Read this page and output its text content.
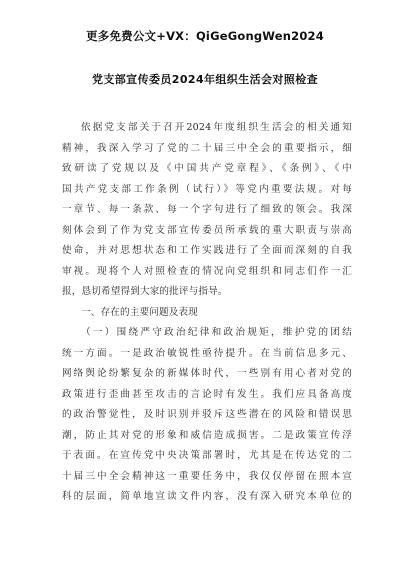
更多免费公文+VX：QiGeGongWen2024
党支部宣传委员2024年组织生活会对照检查
依据党支部关于召开2024年度组织生活会的相关通知
精神，我深入学习了党的二十届三中全会的重要指示，细
致研读了党规以及《中国共产党章程》、《条例》、《中
国共产党支部工作条例（试行）》等党内重要法规。对每
一章节、每一条款、每一个字句进行了细致的领会。我深
刻体会到了作为党支部宣传委员所承载的重大职责与崇高
使命，并对思想状态和工作实践进行了全面而深刻的自我
审视。现将个人对照检查的情况向党组织和同志们作一汇
报，恳切希望得到大家的批评与指导。
一、存在的主要问题及表现
（一）围绕严守政治纪律和政治规矩，维护党的团结
统一方面。一是政治敏锐性亟待提升。在当前信息多元、
网络舆论纷繁复杂的新媒体时代，一些别有用心者对党的
政策进行歪曲甚至攻击的言论时有发生。我们应具备高度
的政治警觉性，及时识别并驳斥这些潜在的风险和错误思
潮，防止其对党的形象和威信造成损害。二是政策宣传浮
于表面。在宣传党中央决策部署时，尤其是在传达党的二
十届三中全会精神这一重要任务中，我仅仅停留在照本宣
科的层面，简单地宣读文件内容，没有深入研究本单位的
